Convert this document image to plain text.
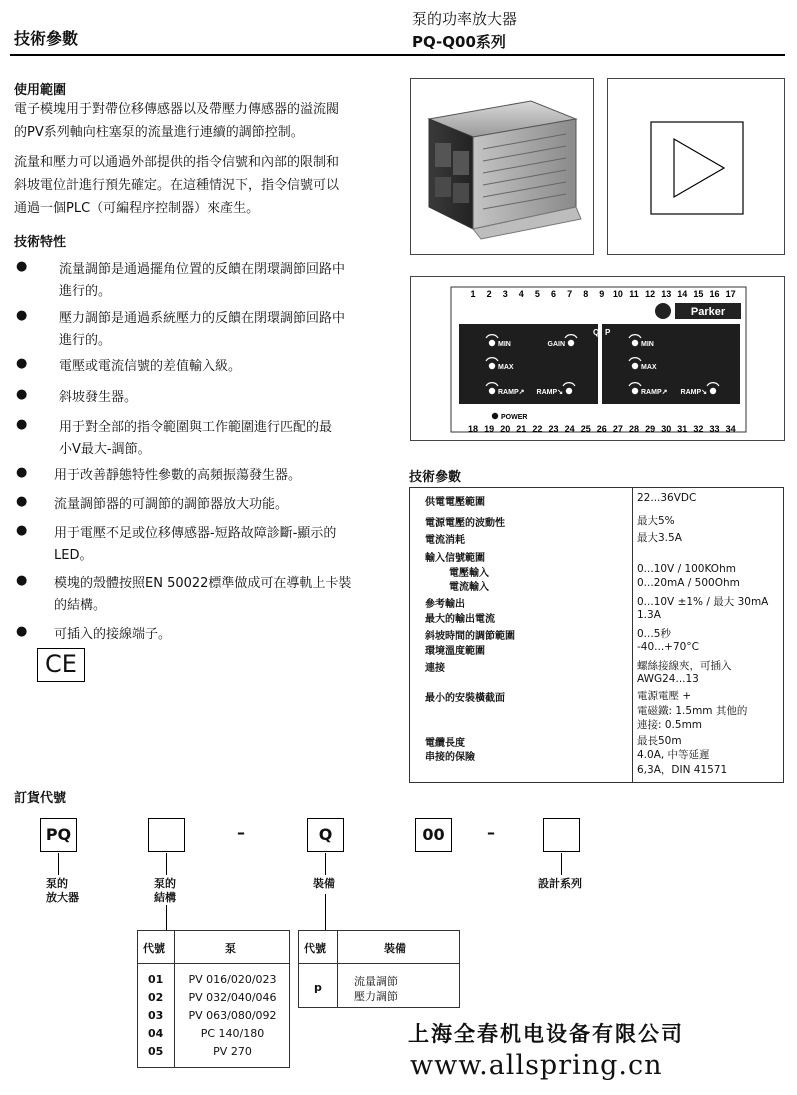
技術參數
泵的功率放大器
PQ-Q00系列
使用範圍
電子模塊用于對帶位移傳感器以及帶壓力傳感器的溢流閥
的PV系列軸向柱塞泵的流量進行連續的調節控制。
流量和壓力可以通過外部提供的指令信號和內部的限制和
斜坡電位計進行預先確定。在這種情況下，指令信號可以
通過一個PLC（可編程序控制器）來產生。
技術特性
● 流量調節是通過擺角位置的反饋在閉環調節回路中
進行的。
● 壓力調節是通過系統壓力的反饋在閉環調節回路中
進行的。
● 電壓或電流信號的差值輸入級。
● 斜坡發生器。
● 用于對全部的指令範圍與工作範圍進行匹配的最
小V最大-調節。
● 用于改善靜態特性參數的高頻振蕩發生器。
● 流量調節器的可調節的調節器放大功能。
● 用于電壓不足或位移傳感器-短路故障診斷-顯示的
LED。
● 模塊的殼體按照EN 50022標準做成可在導軌上卡裝
的結構。
● 可插入的接線端子。
CE
1 2 3 4 5 6 7 8 9 10 11 12 13 14 15 16 17
18 19 20 21 22 23 24 25 26 27 28 29 30 31 32 33 34
Parker
Q P
MIN	GAIN
MAX
RAMP↗ RAMP↘
MIN
MAX
RAMP↗ RAMP↘
POWER
技術參數
供電電壓範圍	22...36VDC
電源電壓的波動性	最大5%
電流消耗	最大3.5A
輸入信號範圍
電壓輸入	0...10V / 100KOhm
電流輸入	0...20mA / 500Ohm
參考輸出	0...10V ±1% / 最大 30mA
最大的輸出電流	1.3A
斜坡時間的調節範圍	0...5秒
環境溫度範圍	-40...+70°C
連接	螺絲接線夾，可插入
AWG24...13
最小的安裝橫截面	電源電壓 +
電磁鐵: 1.5mm 其他的
連接: 0.5mm
電纜長度	最長50m
串接的保險	4.0A, 中等延遲
6,3A，DIN 41571
訂貨代號
PQ	–	Q	00	–
泵的
放大器
泵的
結構
裝備	設計系列
代號	泵
01	PV 016/020/023
02	PV 032/040/046
03	PV 063/080/092
04	PC 140/180
05	PV 270
代號	裝備
p	流量調節
壓力調節
上海全春机电设备有限公司
www.allspring.cn
